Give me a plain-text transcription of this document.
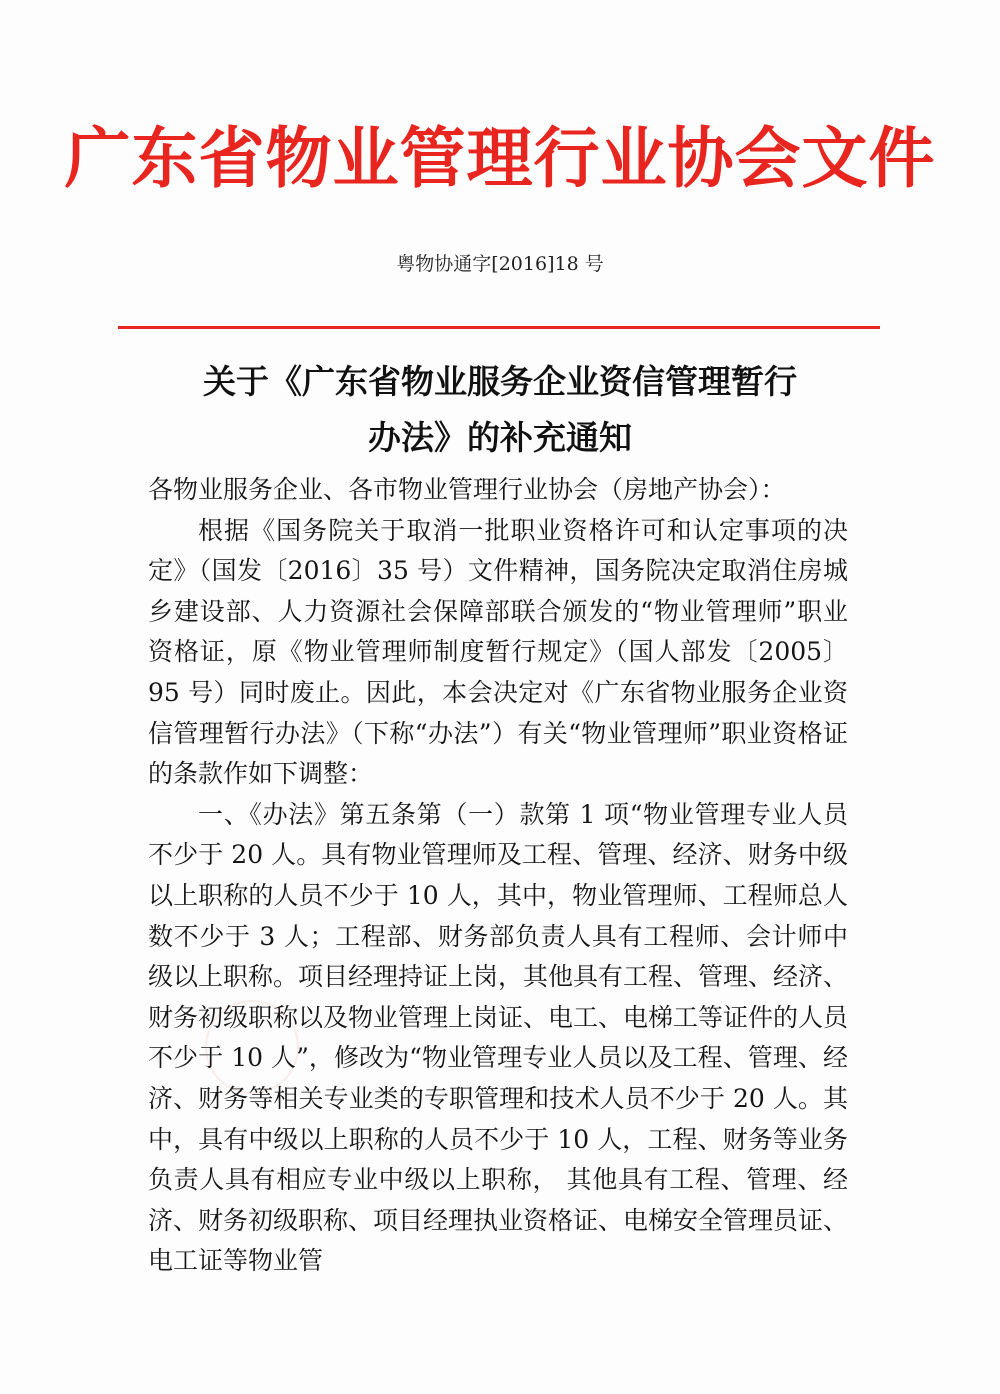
广东省物业管理行业协会文件
粤物协通字[2016]18 号
关于《广东省物业服务企业资信管理暂行
办法》的补充通知

各物业服务企业、各市物业管理行业协会（房地产协会）：

根据《国务院关于取消一批职业资格许可和认定事项的决定》（国发〔2016〕35 号）文件精神，国务院决定取消住房城乡建设部、人力资源社会保障部联合颁发的“物业管理师”职业资格证，原《物业管理师制度暂行规定》（国人部发〔2005〕95 号）同时废止。因此，本会决定对《广东省物业服务企业资信管理暂行办法》（下称“办法”）有关“物业管理师”职业资格证的条款作如下调整：

一、《办法》第五条第（一）款第 1 项“物业管理专业人员不少于 20 人。具有物业管理师及工程、管理、经济、财务中级以上职称的人员不少于 10 人，其中，物业管理师、工程师总人数不少于 3 人；工程部、财务部负责人具有工程师、会计师中级以上职称。项目经理持证上岗，其他具有工程、管理、经济、财务初级职称以及物业管理上岗证、电工、电梯工等证件的人员不少于 10 人”，修改为“物业管理专业人员以及工程、管理、经济、财务等相关专业类的专职管理和技术人员不少于 20 人。其中，具有中级以上职称的人员不少于 10 人，工程、财务等业务负责人具有相应专业中级以上职称， 其他具有工程、管理、经济、财务初级职称、项目经理执业资格证、电梯安全管理员证、电工证等物业管
